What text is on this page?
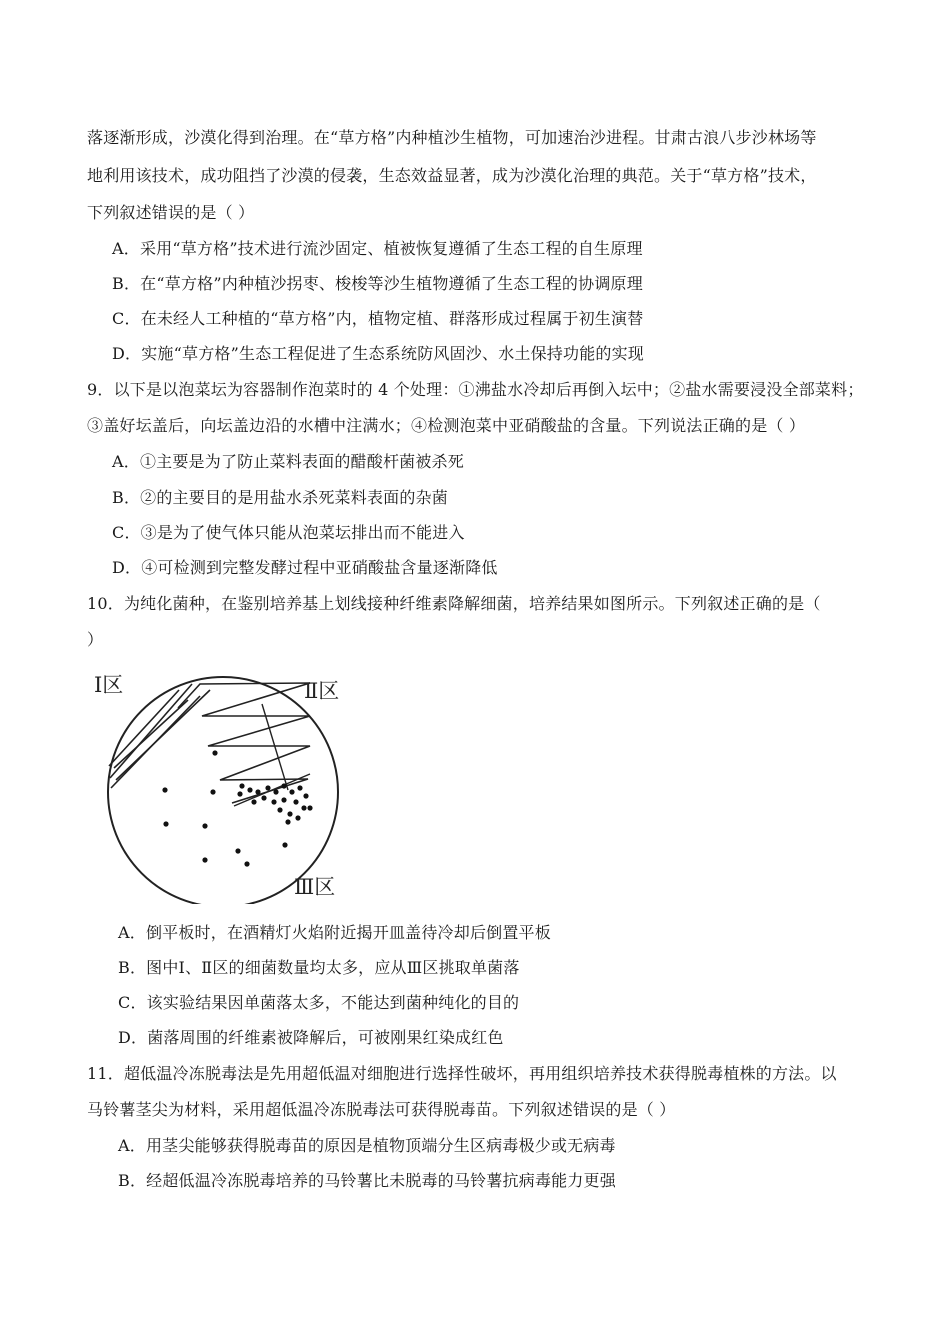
落逐渐形成，沙漠化得到治理。在“草方格”内种植沙生植物，可加速治沙进程。甘肃古浪八步沙林场等
地利用该技术，成功阻挡了沙漠的侵袭，生态效益显著，成为沙漠化治理的典范。关于“草方格”技术，
下列叙述错误的是（ ）
A．采用“草方格”技术进行流沙固定、植被恢复遵循了生态工程的自生原理
B．在“草方格”内种植沙拐枣、梭梭等沙生植物遵循了生态工程的协调原理
C．在未经人工种植的“草方格”内，植物定植、群落形成过程属于初生演替
D．实施“草方格”生态工程促进了生态系统防风固沙、水土保持功能的实现
9．以下是以泡菜坛为容器制作泡菜时的 4 个处理：①沸盐水冷却后再倒入坛中；②盐水需要浸没全部菜料；
③盖好坛盖后，向坛盖边沿的水槽中注满水；④检测泡菜中亚硝酸盐的含量。下列说法正确的是（ ）
A．①主要是为了防止菜料表面的醋酸杆菌被杀死
B．②的主要目的是用盐水杀死菜料表面的杂菌
C．③是为了使气体只能从泡菜坛排出而不能进入
D．④可检测到完整发酵过程中亚硝酸盐含量逐渐降低
10．为纯化菌种，在鉴别培养基上划线接种纤维素降解细菌，培养结果如图所示。下列叙述正确的是（
）
Ⅰ区	Ⅱ区
Ⅲ区
A．倒平板时，在酒精灯火焰附近揭开皿盖待冷却后倒置平板
B．图中Ⅰ、Ⅱ区的细菌数量均太多，应从Ⅲ区挑取单菌落
C．该实验结果因单菌落太多，不能达到菌种纯化的目的
D．菌落周围的纤维素被降解后，可被刚果红染成红色
11．超低温冷冻脱毒法是先用超低温对细胞进行选择性破坏，再用组织培养技术获得脱毒植株的方法。以
马铃薯茎尖为材料，采用超低温冷冻脱毒法可获得脱毒苗。下列叙述错误的是（ ）
A．用茎尖能够获得脱毒苗的原因是植物顶端分生区病毒极少或无病毒
B．经超低温冷冻脱毒培养的马铃薯比未脱毒的马铃薯抗病毒能力更强
